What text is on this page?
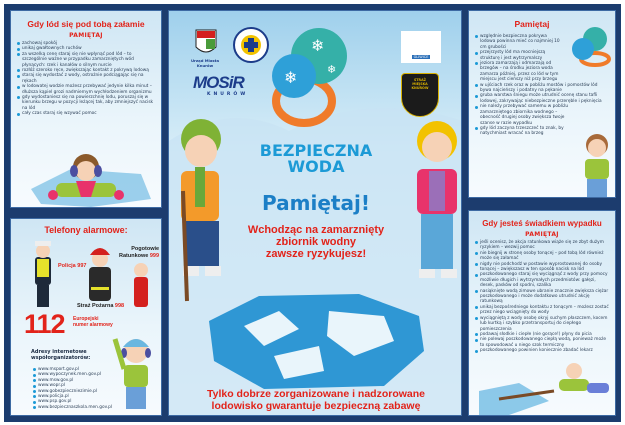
Gdy lód się pod tobą załamie
PAMIĘTAJ
zachowaj spokój
unikaj gwałtownych ruchów
za wszelką cenę staraj się nie wpłynąć pod lód – to szczególnie ważne w przypadku zamarzniętych wód płynących: rzek i kanałów o silnym nurcie
rozłóż szeroko ręce, zwiększając kontakt z pokrywą lodową
staraj się wydostać z wody, ostrożnie podciągając się na rękach
w lodowatej wodzie możesz przebywać jedynie kilka minut – dłuższa kąpiel grozi nadmiernym wychłodzeniem organizmu
gdy wydostaniesz się na powierzchnię lodu, poruszaj się w kierunku brzegu w pozycji leżącej tak, aby zmniejszyć nacisk na lód
cały czas staraj się wzywać pomoc
Telefony alarmowe:
Policja 997
Pogotowie
Ratunkowe 999
Straż Pożarna 998
112 Europejski
numer alarmowy
Adresy internetowe
współorganizatorów:
www.msport.gov.pl
www.wypoczynek.men.gov.pl
www.msw.gov.pl
www.wopr.pl
www.gobezpieczniezimie.pl
www.policja.pl
www.psp.gov.pl
www.bezpiecznaszkola.men.gov.pl
❄
❄	❄
Urząd Miasta Knurów
MOSiR
KNURÓW
GLIWICE
STRAŻ MIEJSKA KNURÓW
BEZPIECZNA
WODA
Pamiętaj!
Wchodząc na zamarznięty
zbiornik wodny
zawsze ryzykujesz!
Tylko dobrze zorganizowane i nadzorowane
lodowisko gwarantuje bezpieczną zabawę
Pamiętaj
względnie bezpieczna pokrywa lodowa powinna mieć co najmniej 10 cm grubości
przejrzysty lód ma mocniejszą strukturę i jest wytrzymalszy
jeziora zamarzają i odmarzają od brzegów – na środku jeziora woda zamarza później, przez co lód w tym miejscu jest cieńszy niż przy brzegu
w ujściach rzek oraz w pobliżu mostów i pomostów lód bywa najcieńszy i podatny na pękanie
gruba warstwa śniegu może utrudnić ocenę stanu tafli lodowej, zakrywając niebezpieczne przeręble i pęknięcia
nie należy przebywać samemu w pobliżu zamarzniętego zbiornika wodnego – obecność drugiej osoby zwiększa twoje szanse w razie wypadku
gdy lód zaczyna trzeszczeć to znak, by natychmiast wracać na brzeg
Gdy jesteś świadkiem wypadku
PAMIĘTAJ
jeśli ocenisz, że akcja ratunkowa wiąże się ze zbyt dużym ryzykiem – wezwij pomoc
nie biegnij w stronę osoby tonącej – pod tobą lód również może się załamać
nigdy nie podchodź w postawie wyprostowanej do osoby tonącej – zwiększasz w ten sposób nacisk na lód
poszkodowanego staraj się wyciągnąć z wody przy pomocy możliwie długich i wytrzymałych przedmiotów: gałęzi, desek, pasków od spodni, szalika
nasiąknięte wodą zimowe ubranie znacznie zwiększa ciężar poszkodowanego i może dodatkowo utrudnić akcję ratunkową
unikaj bezpośredniego kontaktu z tonącym – możesz zostać przez niego wciągnięty do wody
wyciągniętą z wody osobę okryj suchym płaszczem, kocem lub kurtką i szybko przetransportuj do ciepłego pomieszczenia
podawaj słodkie i ciepłe (nie gorące!) płyny do picia
nie polewaj poszkodowanego ciepłą wodą, ponieważ może to spowodować u niego szok termiczny
poszkodowanego powinien koniecznie zbadać lekarz
